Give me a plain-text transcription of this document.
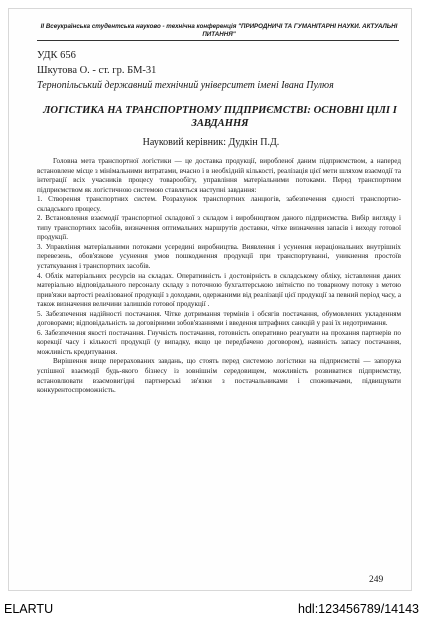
II Всеукраїнська студентська науково - технічна конференція "ПРИРОДНИЧІ ТА ГУМАНІТАРНІ НАУКИ. АКТУАЛЬНІ ПИТАННЯ"
УДК 656
Шкутова О. - ст. гр. БМ-31
Тернопільський державний технічний університет імені Івана Пулюя
ЛОГІСТИКА НА ТРАНСПОРТНОМУ ПІДПРИЄМСТВІ: ОСНОВНІ ЦІЛІ І ЗАВДАННЯ
Науковий керівник: Дудкін П.Д.

Головна мета транспортної логістики — це доставка продукції, виробленої даним підприємством, а наперед встановлене місце з мінімальними витратами, вчасно і в необхідній кількості, реалізація цієї мети шляхом взаємодії та інтеграції всіх учасників процесу товарообігу, управління матеріальними потоками. Перед транспортним підприємством як логістичною системою ставляться наступні завдання:

1. Створення транспортних систем. Розрахунок транспортних ланцюгів, забезпечення єдності транспортно-складського процесу.

2. Встановлення взаємодії транспортної складової з складом і виробництвом даного підприємства. Вибір вигляду і типу транспортних засобів, визначення оптимальних маршрутів доставки, чітке визначення запасів і виходу готової продукції.

3. Управління матеріальними потоками усередині виробництва. Виявлення і усунення нераціональних внутрішніх перевезень, обов'язкове усунення умов пошкодження продукції при транспортуванні, уникнення простоїв устаткування і транспортних засобів.

4. Облік матеріальних ресурсів на складах. Оперативність і достовірність в складському обліку, зіставлення даних матеріально відповідального персоналу складу з поточною бухгалтерською звітністю по товарному потоку з метою прив'язки вартості реалізованої продукції з доходами, одержаними від реалізації цієї продукції за певний період часу, а також визначення величини залишків готової продукції .

5. Забезпечення надійності постачання. Чітке дотримання термінів і обсягів постачання, обумовлених укладенням договорами; відповідальність за договірними зобов'язаннями і введення штрафних санкцій у разі їх недотримання.

6. Забезпечення якості постачання. Гнучкість постачання, готовність оперативно реагувати на прохання партнерів по корекції часу і кількості продукції (у випадку, якщо це передбачено договором), наявність запасу постачання, можливість кредитування.

Вирішення вище перерахованих завдань, що стоять перед системою логістики на підприємстві — запорука успішної взаємодії будь-якого бізнесу із зовнішнім середовищем, можливість розвиватися підприємству, встановлювати взаємовигідні партнерські зв'язки з постачальниками і споживачами, підвищувати конкурентоспроможність.

249
ELARTU	hdl:123456789/14143
